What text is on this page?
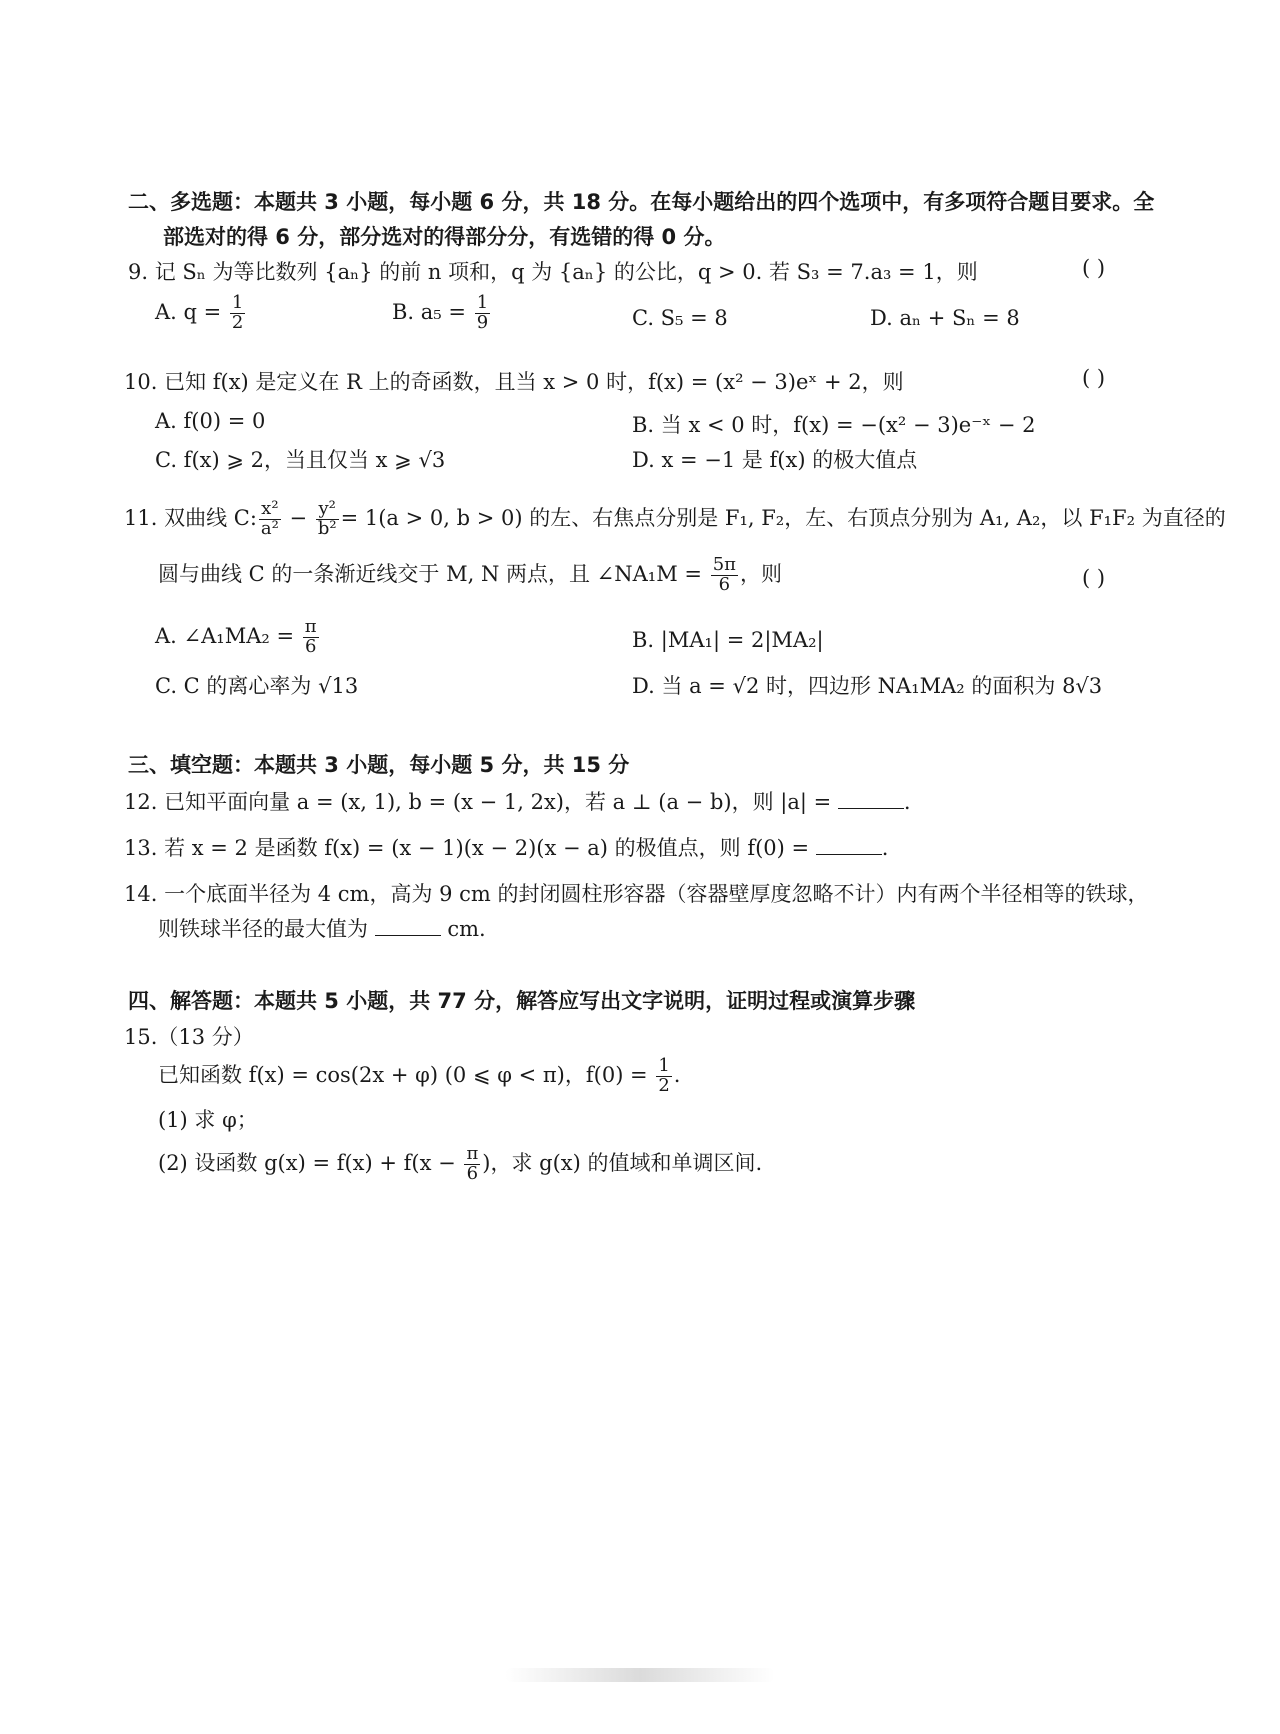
二、多选题：本题共 3 小题，每小题 6 分，共 18 分。在每小题给出的四个选项中，有多项符合题目要求。全
部选对的得 6 分，部分选对的得部分分，有选错的得 0 分。
9. 记 Sₙ 为等比数列 {aₙ} 的前 n 项和，q 为 {aₙ} 的公比，q > 0. 若 S₃ = 7.a₃ = 1，则	( )
A. $q = \frac{1}{2}$	B. $a_5 = \frac{1}{9}$	C. S₅ = 8	D. aₙ + Sₙ = 8
10. 已知 f(x) 是定义在 R 上的奇函数，且当 x > 0 时，f(x) = (x² − 3)eˣ + 2，则	( )
A. f(0) = 0	B. 当 x < 0 时，f(x) = −(x² − 3)e⁻ˣ − 2
C. f(x) ⩾ 2，当且仅当 x ⩾ √3	D. x = −1 是 f(x) 的极大值点
11. 双曲线 C: $\frac{\text{x²}}{\text{a²}} - \frac{\text{y²}}{\text{b²}} = 1(a > 0$, b > 0) 的左、右焦点分别是 F₁, F₂，左、右顶点分别为 A₁, A₂，以 F₁F₂ 为直径的
圆与曲线 C 的一条渐近线交于 M, N 两点，且 ∠NA₁M = $\frac{5\pi}{6}$ ，则	( )
A. ∠A₁MA₂ = $\frac{\pi}{6}$	B. |MA₁| = 2|MA₂|
C. C 的离心率为 √13	D. 当 a = √2 时，四边形 NA₁MA₂ 的面积为 8√3
三、填空题：本题共 3 小题，每小题 5 分，共 15 分
12. 已知平面向量 a = (x, 1), b = (x − 1, 2x)，若 a ⊥ (a − b)，则 |a| =	.
13. 若 x = 2 是函数 f(x) = (x − 1)(x − 2)(x − a) 的极值点，则 f(0) =	.
14. 一个底面半径为 4 cm，高为 9 cm 的封闭圆柱形容器（容器壁厚度忽略不计）内有两个半径相等的铁球，
则铁球半径的最大值为	cm.
四、解答题：本题共 5 小题，共 77 分，解答应写出文字说明，证明过程或演算步骤
15.（13 分）
已知函数 f(x) = cos(2x + φ) (0 ⩽ φ < π)，$f(0) = \frac{1}{2}$ .
(1) 求 φ；
(2) 设函数 $g(x) = f(x) + f(x - \frac{\pi}{6}$ )，求 g(x) 的值域和单调区间.
